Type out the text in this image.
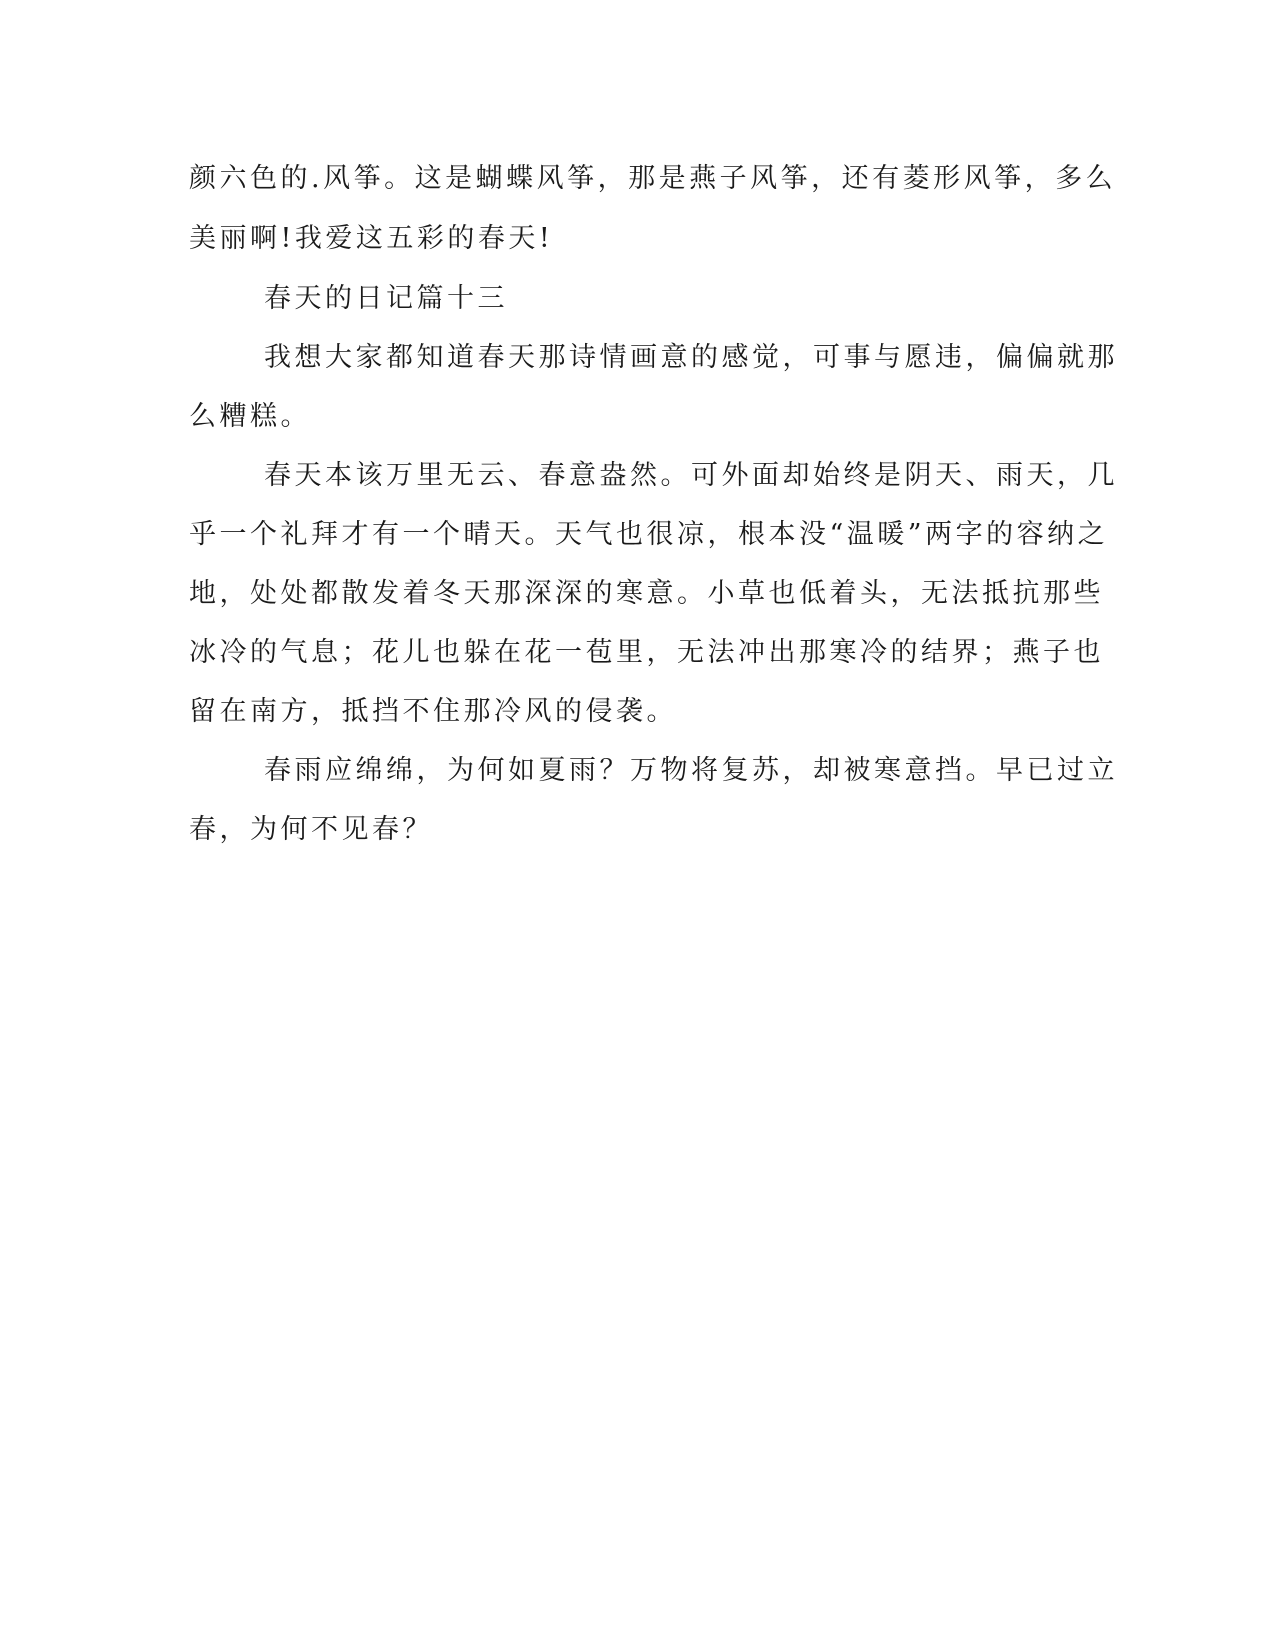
颜六色的.风筝。这是蝴蝶风筝，那是燕子风筝，还有菱形风筝，多么
美丽啊!我爱这五彩的春天!
春天的日记篇十三
我想大家都知道春天那诗情画意的感觉，可事与愿违，偏偏就那
么糟糕。
春天本该万里无云、春意盎然。可外面却始终是阴天、雨天，几
乎一个礼拜才有一个晴天。天气也很凉，根本没“温暖”两字的容纳之
地，处处都散发着冬天那深深的寒意。小草也低着头，无法抵抗那些
冰冷的气息；花儿也躲在花一苞里，无法冲出那寒冷的结界；燕子也
留在南方，抵挡不住那冷风的侵袭。
春雨应绵绵，为何如夏雨？万物将复苏，却被寒意挡。早已过立
春，为何不见春？
